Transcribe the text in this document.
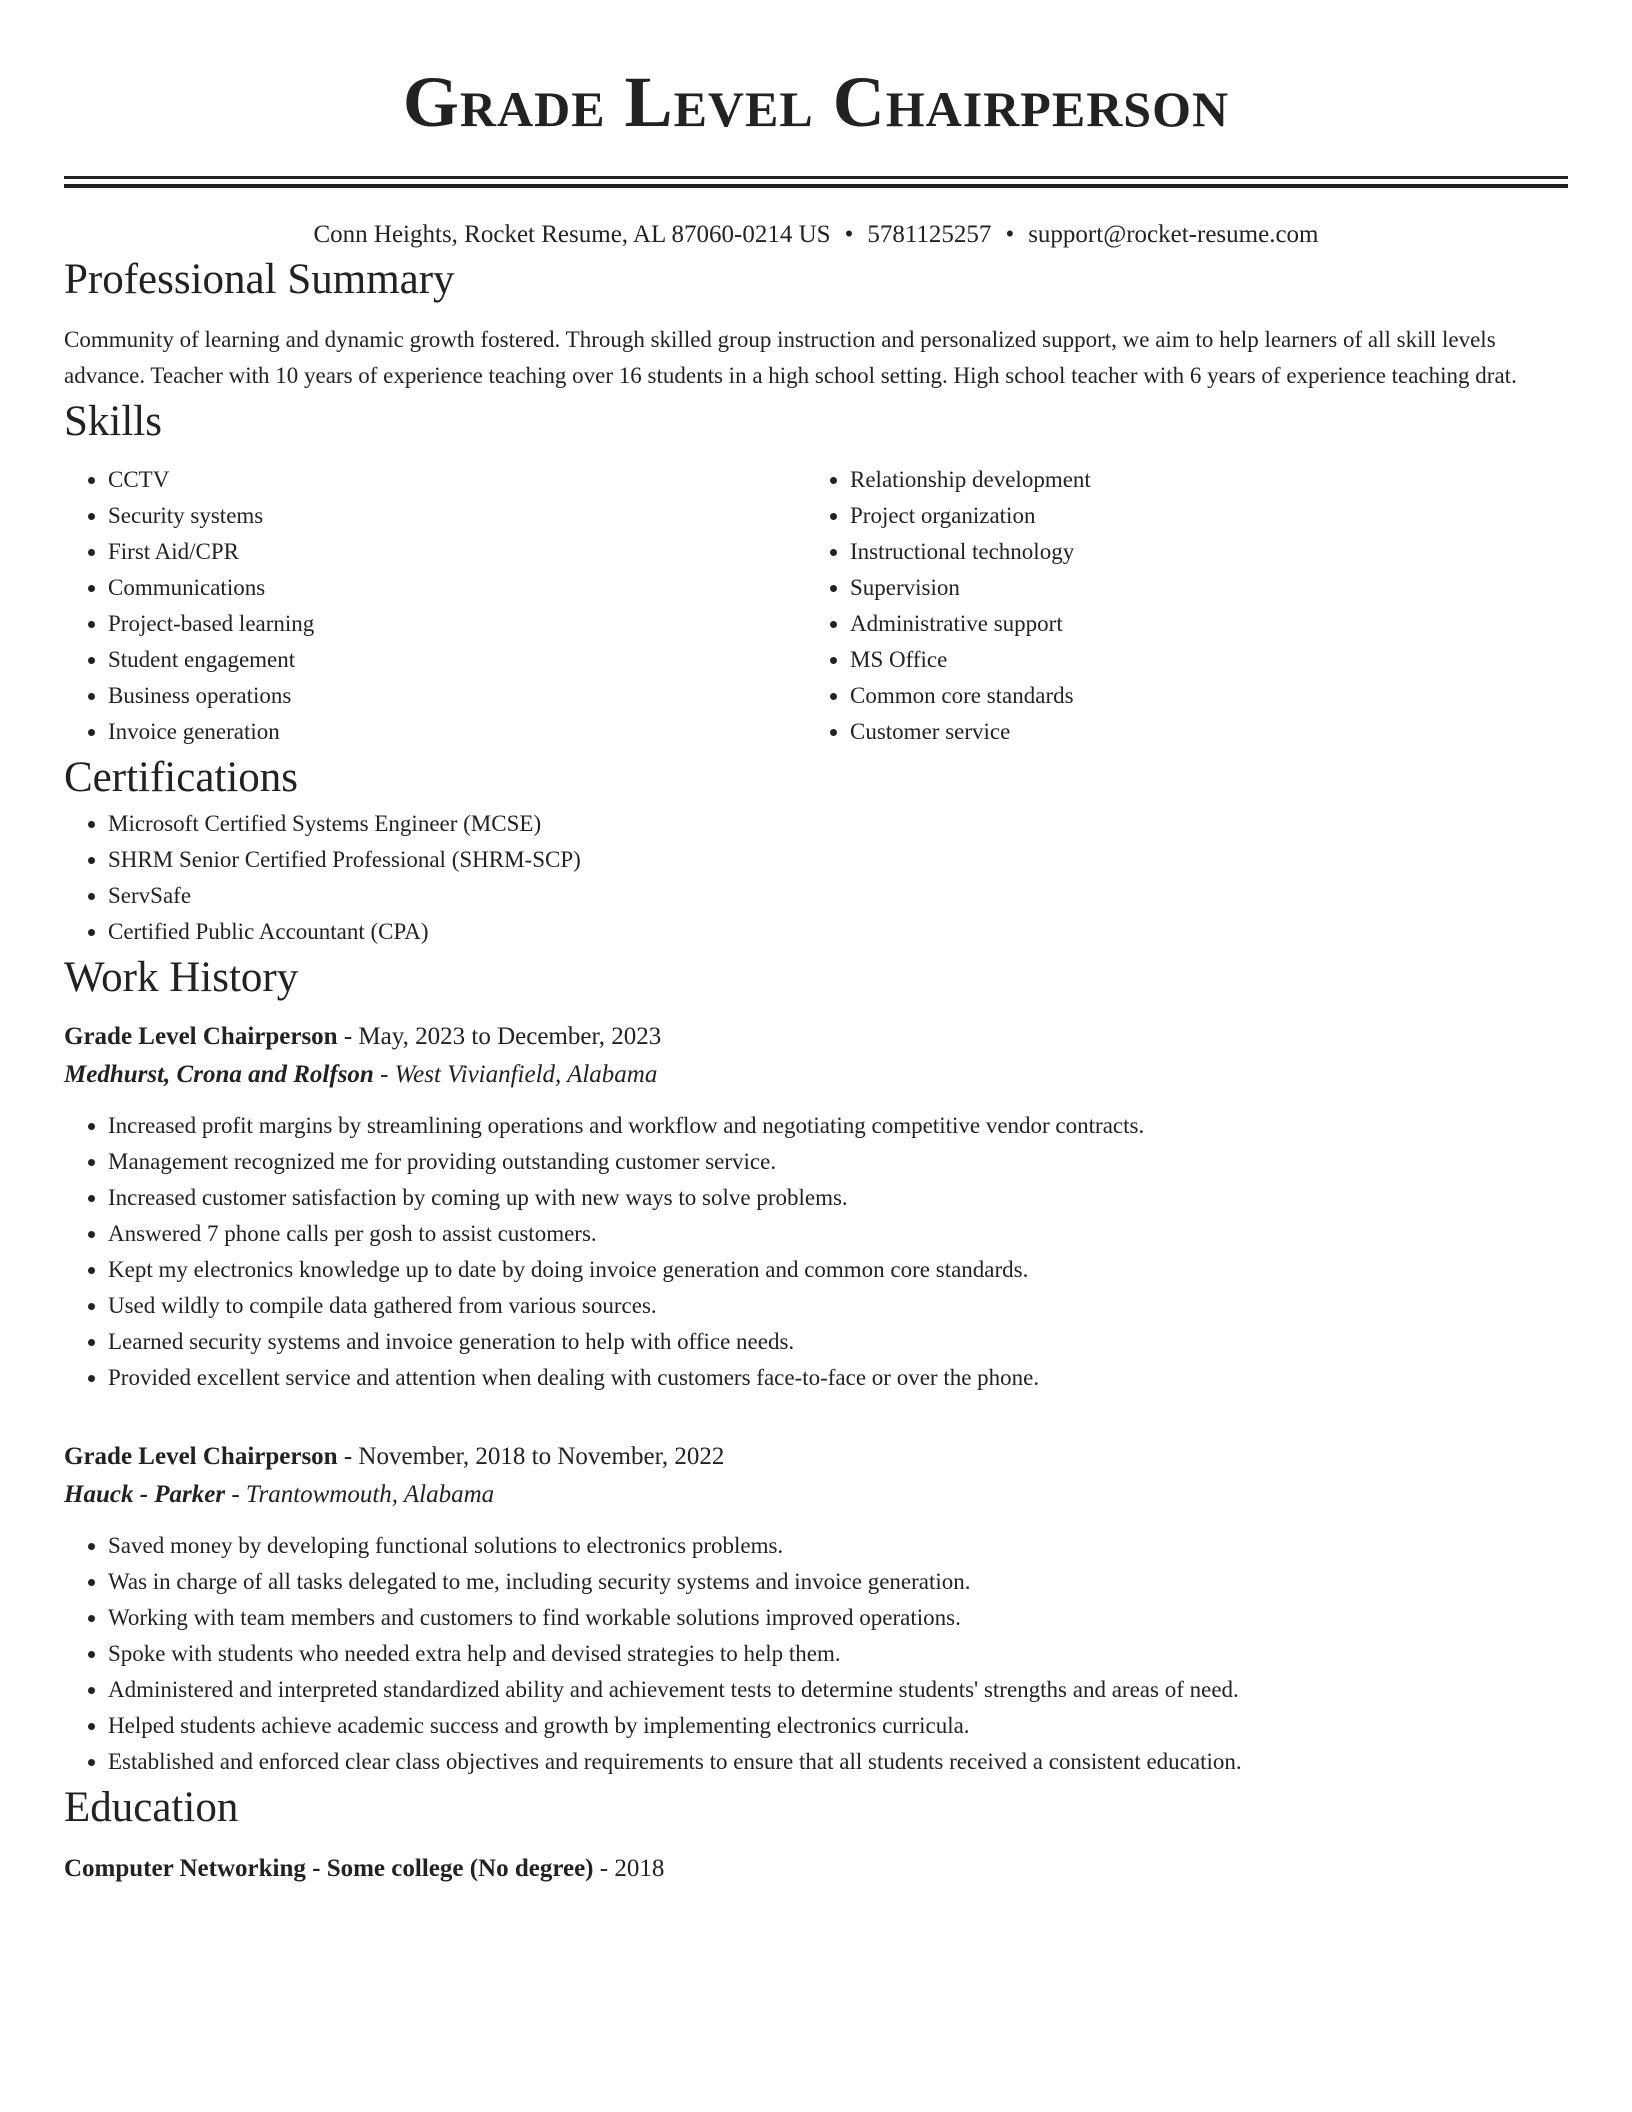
Grade Level Chairperson
Conn Heights, Rocket Resume, AL 87060-0214 US • 5781125257 • support@rocket-resume.com
Professional Summary
Community of learning and dynamic growth fostered. Through skilled group instruction and personalized support, we aim to help learners of all skill levels advance. Teacher with 10 years of experience teaching over 16 students in a high school setting. High school teacher with 6 years of experience teaching drat.
Skills
• CCTV
• Security systems
• First Aid/CPR
• Communications
• Project-based learning
• Student engagement
• Business operations
• Invoice generation
• Relationship development
• Project organization
• Instructional technology
• Supervision
• Administrative support
• MS Office
• Common core standards
• Customer service
Certifications
• Microsoft Certified Systems Engineer (MCSE)
• SHRM Senior Certified Professional (SHRM-SCP)
• ServSafe
• Certified Public Accountant (CPA)
Work History
Grade Level Chairperson - May, 2023 to December, 2023
Medhurst, Crona and Rolfson - West Vivianfield, Alabama
• Increased profit margins by streamlining operations and workflow and negotiating competitive vendor contracts.
• Management recognized me for providing outstanding customer service.
• Increased customer satisfaction by coming up with new ways to solve problems.
• Answered 7 phone calls per gosh to assist customers.
• Kept my electronics knowledge up to date by doing invoice generation and common core standards.
• Used wildly to compile data gathered from various sources.
• Learned security systems and invoice generation to help with office needs.
• Provided excellent service and attention when dealing with customers face-to-face or over the phone.
Grade Level Chairperson - November, 2018 to November, 2022
Hauck - Parker - Trantowmouth, Alabama
• Saved money by developing functional solutions to electronics problems.
• Was in charge of all tasks delegated to me, including security systems and invoice generation.
• Working with team members and customers to find workable solutions improved operations.
• Spoke with students who needed extra help and devised strategies to help them.
• Administered and interpreted standardized ability and achievement tests to determine students' strengths and areas of need.
• Helped students achieve academic success and growth by implementing electronics curricula.
• Established and enforced clear class objectives and requirements to ensure that all students received a consistent education.
Education
Computer Networking - Some college (No degree) - 2018
